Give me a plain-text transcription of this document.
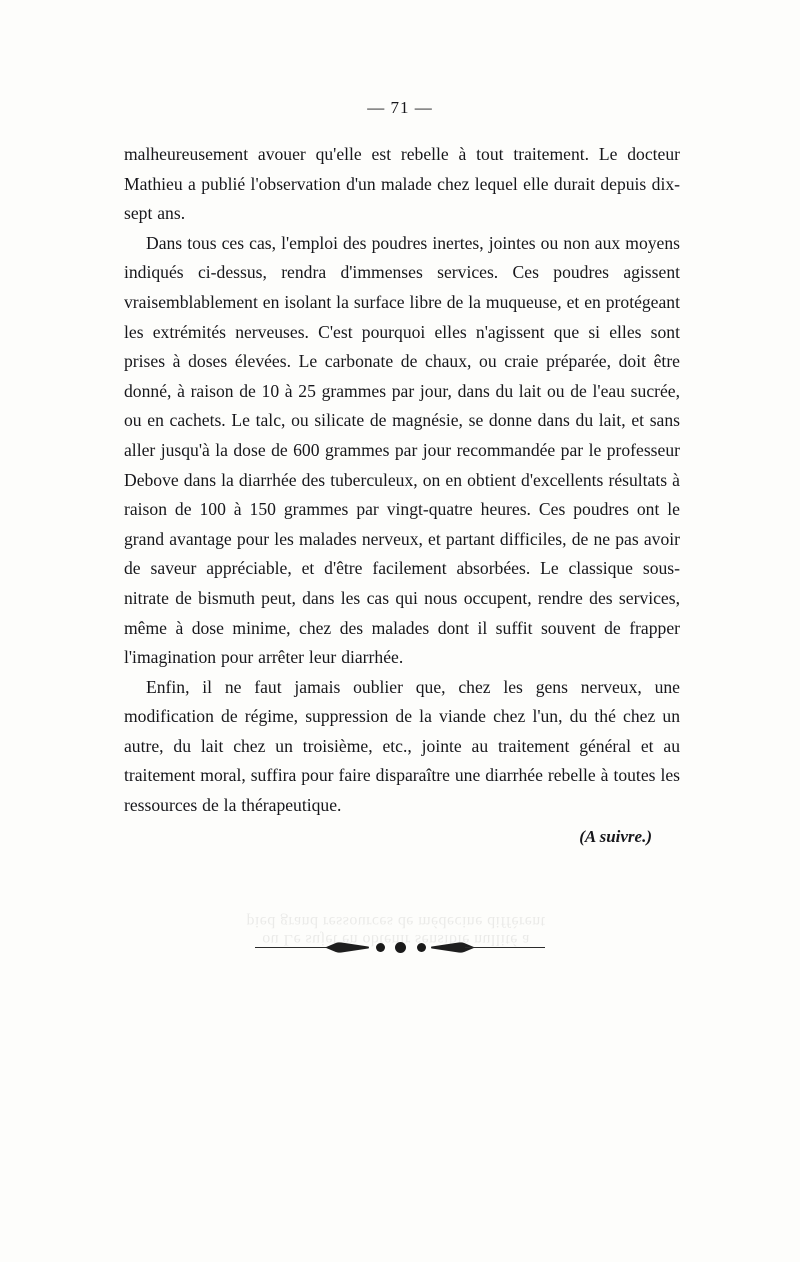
— 71 —

malheureusement avouer qu'elle est rebelle à tout traitement. Le docteur Mathieu a publié l'observation d'un malade chez lequel elle durait depuis dix-sept ans.

Dans tous ces cas, l'emploi des poudres inertes, jointes ou non aux moyens indiqués ci-dessus, rendra d'immenses services. Ces poudres agissent vraisemblablement en isolant la surface libre de la muqueuse, et en protégeant les extrémités nerveuses. C'est pourquoi elles n'agissent que si elles sont prises à doses élevées. Le carbonate de chaux, ou craie préparée, doit être donné, à raison de 10 à 25 grammes par jour, dans du lait ou de l'eau sucrée, ou en cachets. Le talc, ou silicate de magnésie, se donne dans du lait, et sans aller jusqu'à la dose de 600 grammes par jour recommandée par le professeur Debove dans la diarrhée des tuberculeux, on en obtient d'excellents résultats à raison de 100 à 150 grammes par vingt-quatre heures. Ces poudres ont le grand avantage pour les malades nerveux, et partant difficiles, de ne pas avoir de saveur appréciable, et d'être facilement absorbées. Le classique sous-nitrate de bismuth peut, dans les cas qui nous occupent, rendre des services, même à dose minime, chez des malades dont il suffit souvent de frapper l'imagination pour arrêter leur diarrhée.

Enfin, il ne faut jamais oublier que, chez les gens nerveux, une modification de régime, suppression de la viande chez l'un, du thé chez un autre, du lait chez un troisième, etc., jointe au traitement général et au traitement moral, suffira pour faire disparaître une diarrhée rebelle à toutes les ressources de la thérapeutique.

(A suivre.)
ou Le sujet en obtenir sensible nullité a
pied grand ressources de médecine diffèrent
